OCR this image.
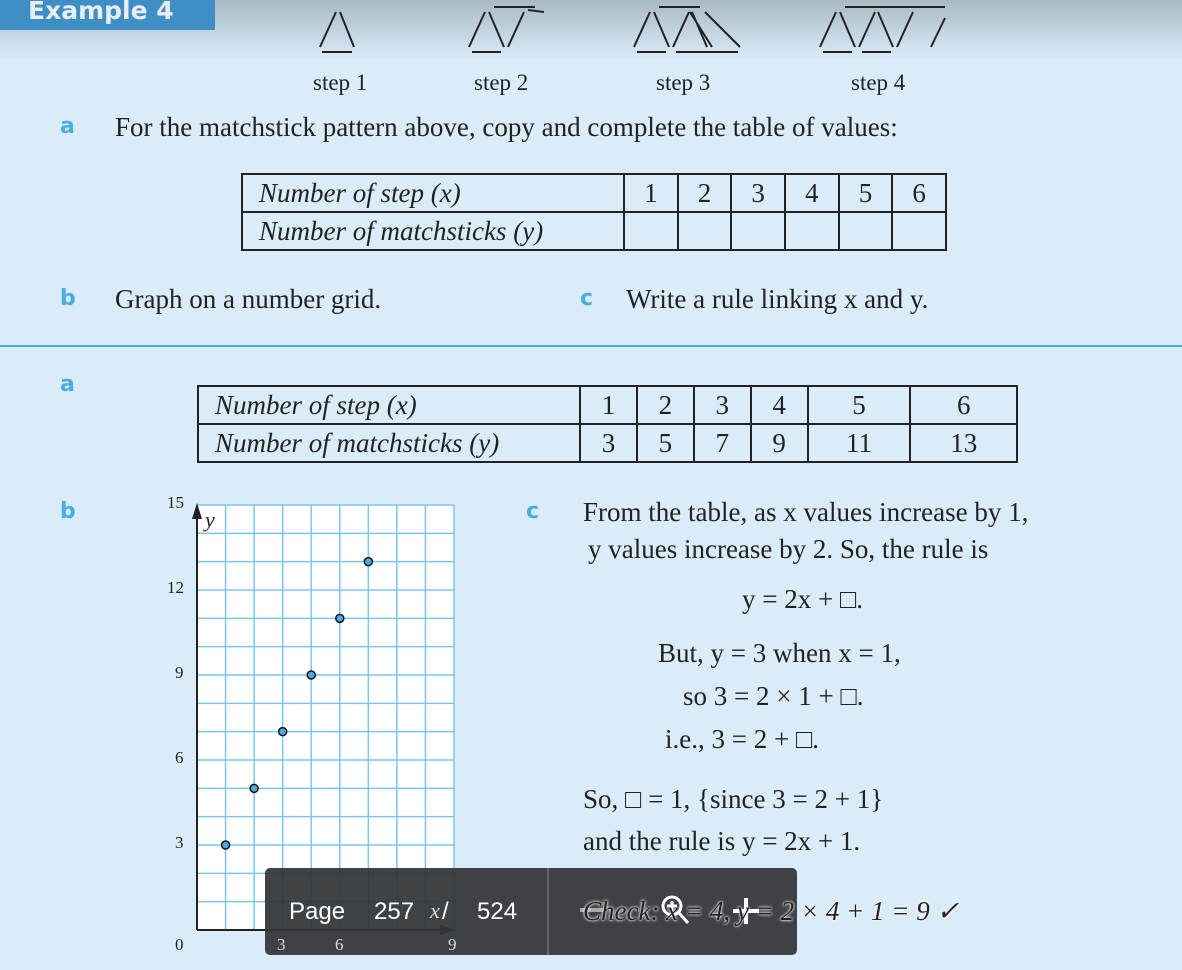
Example 4
step 1	step 2	step 3	step 4
a For the matchstick pattern above, copy and complete the table of values:
Number of step (x)	1	2	3	4	5	6
Number of matchsticks (y)						
b Graph on a number grid.	c Write a rule linking x and y.
a
Number of step (x)	1	2	3	4	5	6
Number of matchsticks (y)	3	5	7	9	11	13
b	15
12
9
6
3
0	3	6	9
y
x
c From the table, as x values increase by 1,
y values increase by 2. So, the rule is
y = 2x + □.
But, y = 3 when x = 1,
so 3 = 2 × 1 + □.
i.e., 3 = 2 + □.
So, □ = 1, {since 3 = 2 + 1}
and the rule is y = 2x + 1.
Check: x = 4, y = 2 × 4 + 1 = 9 ✓
Page 257 / 524
